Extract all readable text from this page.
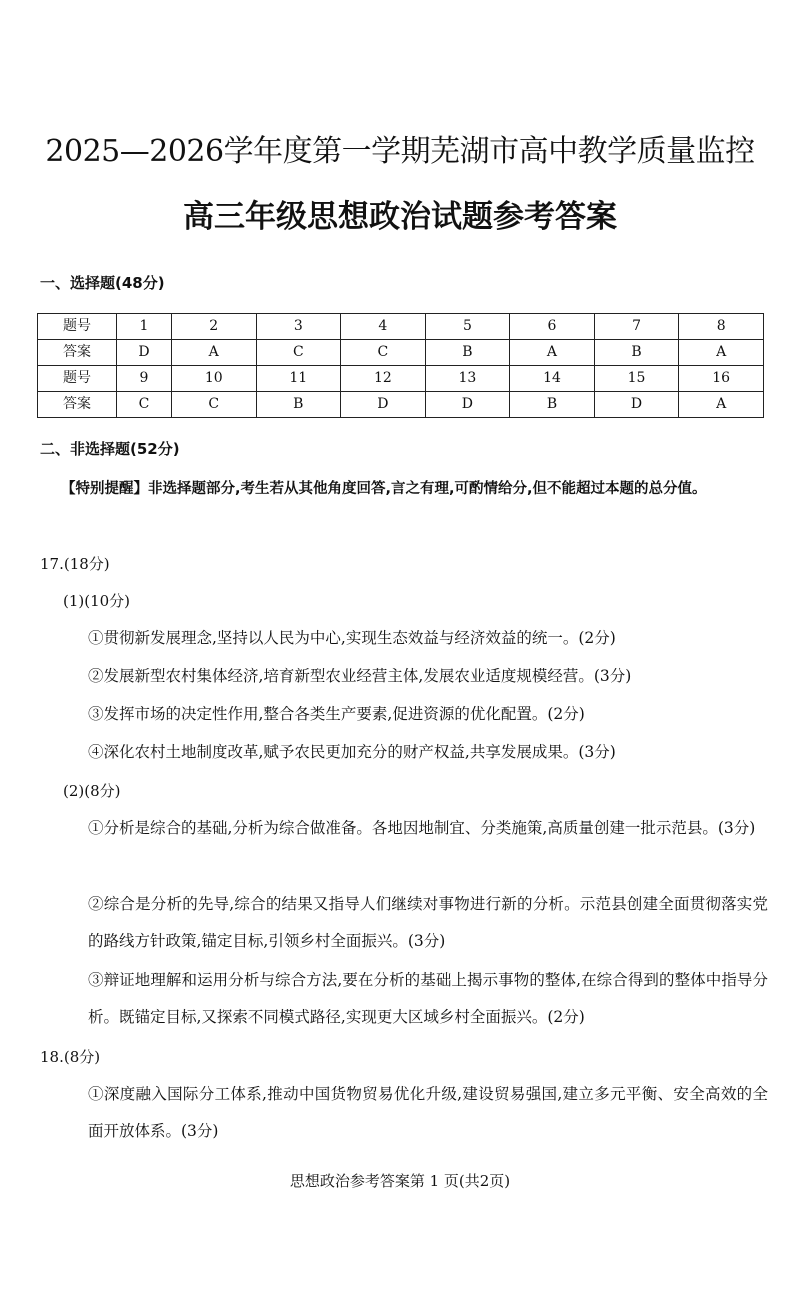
2025—2026学年度第一学期芜湖市高中教学质量监控
高三年级思想政治试题参考答案
一、选择题(48分)
题号	1	2	3	4	5	6	7	8
答案	D	A	C	C	B	A	B	A
题号	9	10	11	12	13	14	15	16
答案	C	C	B	D	D	B	D	A
二、非选择题(52分)
【特别提醒】非选择题部分,考生若从其他角度回答,言之有理,可酌情给分,但不能超过本题的总分值。
17.(18分)
(1)(10分)
①贯彻新发展理念,坚持以人民为中心,实现生态效益与经济效益的统一。(2分)
②发展新型农村集体经济,培育新型农业经营主体,发展农业适度规模经营。(3分)
③发挥市场的决定性作用,整合各类生产要素,促进资源的优化配置。(2分)
④深化农村土地制度改革,赋予农民更加充分的财产权益,共享发展成果。(3分)
(2)(8分)
①分析是综合的基础,分析为综合做准备。各地因地制宜、分类施策,高质量创建一批示范县。(3分)
②综合是分析的先导,综合的结果又指导人们继续对事物进行新的分析。示范县创建全面贯彻落实党的路线方针政策,锚定目标,引领乡村全面振兴。(3分)
③辩证地理解和运用分析与综合方法,要在分析的基础上揭示事物的整体,在综合得到的整体中指导分析。既锚定目标,又探索不同模式路径,实现更大区域乡村全面振兴。(2分)
18.(8分)
①深度融入国际分工体系,推动中国货物贸易优化升级,建设贸易强国,建立多元平衡、安全高效的全面开放体系。(3分)
思想政治参考答案第 1 页(共2页)
